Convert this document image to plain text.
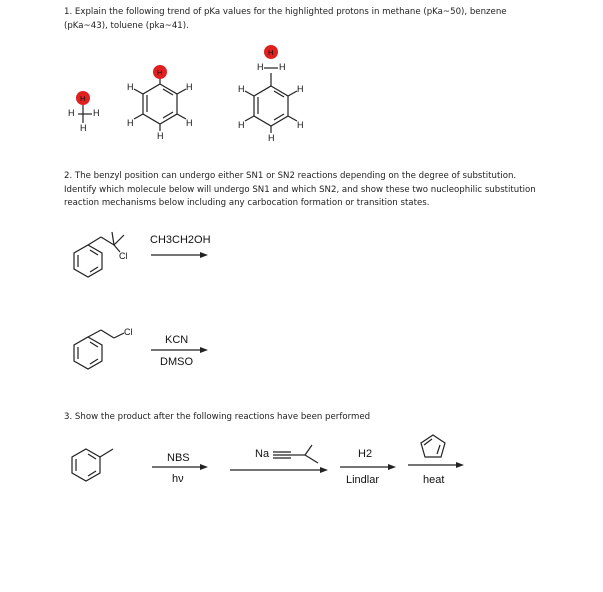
1. Explain the following trend of pKa values for the highlighted protons in methane (pKa~50), benzene (pKa~43), toluene (pka~41).
2. The benzyl position can undergo either SN1 or SN2 reactions depending on the degree of substitution. Identify which molecule below will undergo SN1 and which SN2, and show these two nucleophilic substitution reaction mechanisms below including any carbocation formation or transition states.
3. Show the product after the following reactions have been performed
H
H
H
H H
H
H
H
H
H
H
H H
H
H
H
H
H
Cl
Cl
CH3CH2OH
KCN
DMSO
NBS
hν
Na	H2
Lindlar	heat
